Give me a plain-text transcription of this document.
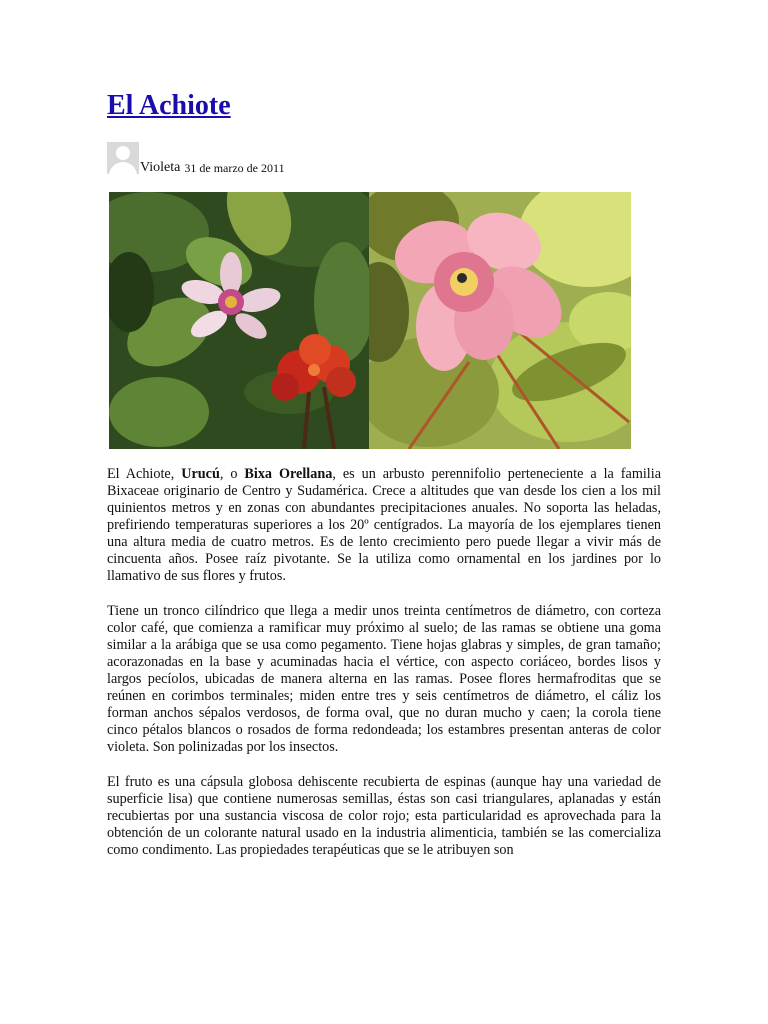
El Achiote
Violeta 31 de marzo de 2011

El Achiote, Urucú, o Bixa Orellana, es un arbusto perennifolio perteneciente a la familia Bixaceae originario de Centro y Sudamérica. Crece a altitudes que van desde los cien a los mil quinientos metros y en zonas con abundantes precipitaciones anuales. No soporta las heladas, prefiriendo temperaturas superiores a los 20º centígrados. La mayoría de los ejemplares tienen una altura media de cuatro metros. Es de lento crecimiento pero puede llegar a vivir más de cincuenta años. Posee raíz pivotante. Se la utiliza como ornamental en los jardines por lo llamativo de sus flores y frutos.

Tiene un tronco cilíndrico que llega a medir unos treinta centímetros de diámetro, con corteza color café, que comienza a ramificar muy próximo al suelo; de las ramas se obtiene una goma similar a la arábiga que se usa como pegamento. Tiene hojas glabras y simples, de gran tamaño; acorazonadas en la base y acuminadas hacia el vértice, con aspecto coriáceo, bordes lisos y largos pecíolos, ubicadas de manera alterna en las ramas. Posee flores hermafroditas que se reúnen en corimbos terminales; miden entre tres y seis centímetros de diámetro, el cáliz los forman anchos sépalos verdosos, de forma oval, que no duran mucho y caen; la corola tiene cinco pétalos blancos o rosados de forma redondeada; los estambres presentan anteras de color violeta. Son polinizadas por los insectos.

El fruto es una cápsula globosa dehiscente recubierta de espinas (aunque hay una variedad de superficie lisa) que contiene numerosas semillas, éstas son casi triangulares, aplanadas y están recubiertas por una sustancia viscosa de color rojo; esta particularidad es aprovechada para la obtención de un colorante natural usado en la industria alimenticia, también se las comercializa como condimento. Las propiedades terapéuticas que se le atribuyen son
